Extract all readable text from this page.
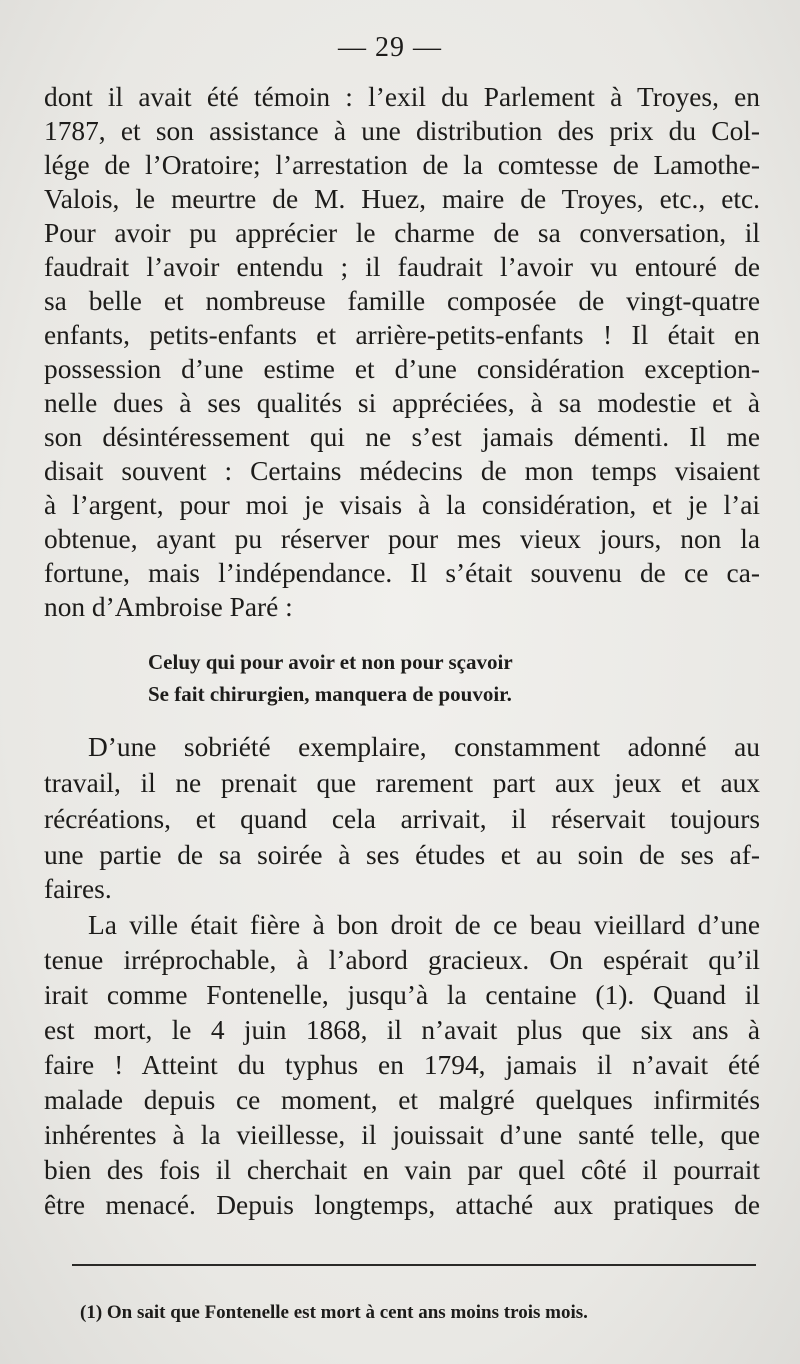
— 29 —
dont il avait été témoin : l’exil du Parlement à Troyes, en
1787, et son assistance à une distribution des prix du Col-
lége de l’Oratoire; l’arrestation de la comtesse de Lamothe-
Valois, le meurtre de M. Huez, maire de Troyes, etc., etc.
Pour avoir pu apprécier le charme de sa conversation, il
faudrait l’avoir entendu ; il faudrait l’avoir vu entouré de
sa belle et nombreuse famille composée de vingt-quatre
enfants, petits-enfants et arrière-petits-enfants ! Il était en
possession d’une estime et d’une considération exception-
nelle dues à ses qualités si appréciées, à sa modestie et à
son désintéressement qui ne s’est jamais démenti. Il me
disait souvent : Certains médecins de mon temps visaient
à l’argent, pour moi je visais à la considération, et je l’ai
obtenue, ayant pu réserver pour mes vieux jours, non la
fortune, mais l’indépendance. Il s’était souvenu de ce ca-
non d’Ambroise Paré :
Celuy qui pour avoir et non pour sçavoir
Se fait chirurgien, manquera de pouvoir.
D’une sobriété exemplaire, constamment adonné au
travail, il ne prenait que rarement part aux jeux et aux
récréations, et quand cela arrivait, il réservait toujours
une partie de sa soirée à ses études et au soin de ses af-
faires.
La ville était fière à bon droit de ce beau vieillard d’une
tenue irréprochable, à l’abord gracieux. On espérait qu’il
irait comme Fontenelle, jusqu’à la centaine (1). Quand il
est mort, le 4 juin 1868, il n’avait plus que six ans à
faire ! Atteint du typhus en 1794, jamais il n’avait été
malade depuis ce moment, et malgré quelques infirmités
inhérentes à la vieillesse, il jouissait d’une santé telle, que
bien des fois il cherchait en vain par quel côté il pourrait
être menacé. Depuis longtemps, attaché aux pratiques de
(1) On sait que Fontenelle est mort à cent ans moins trois mois.
